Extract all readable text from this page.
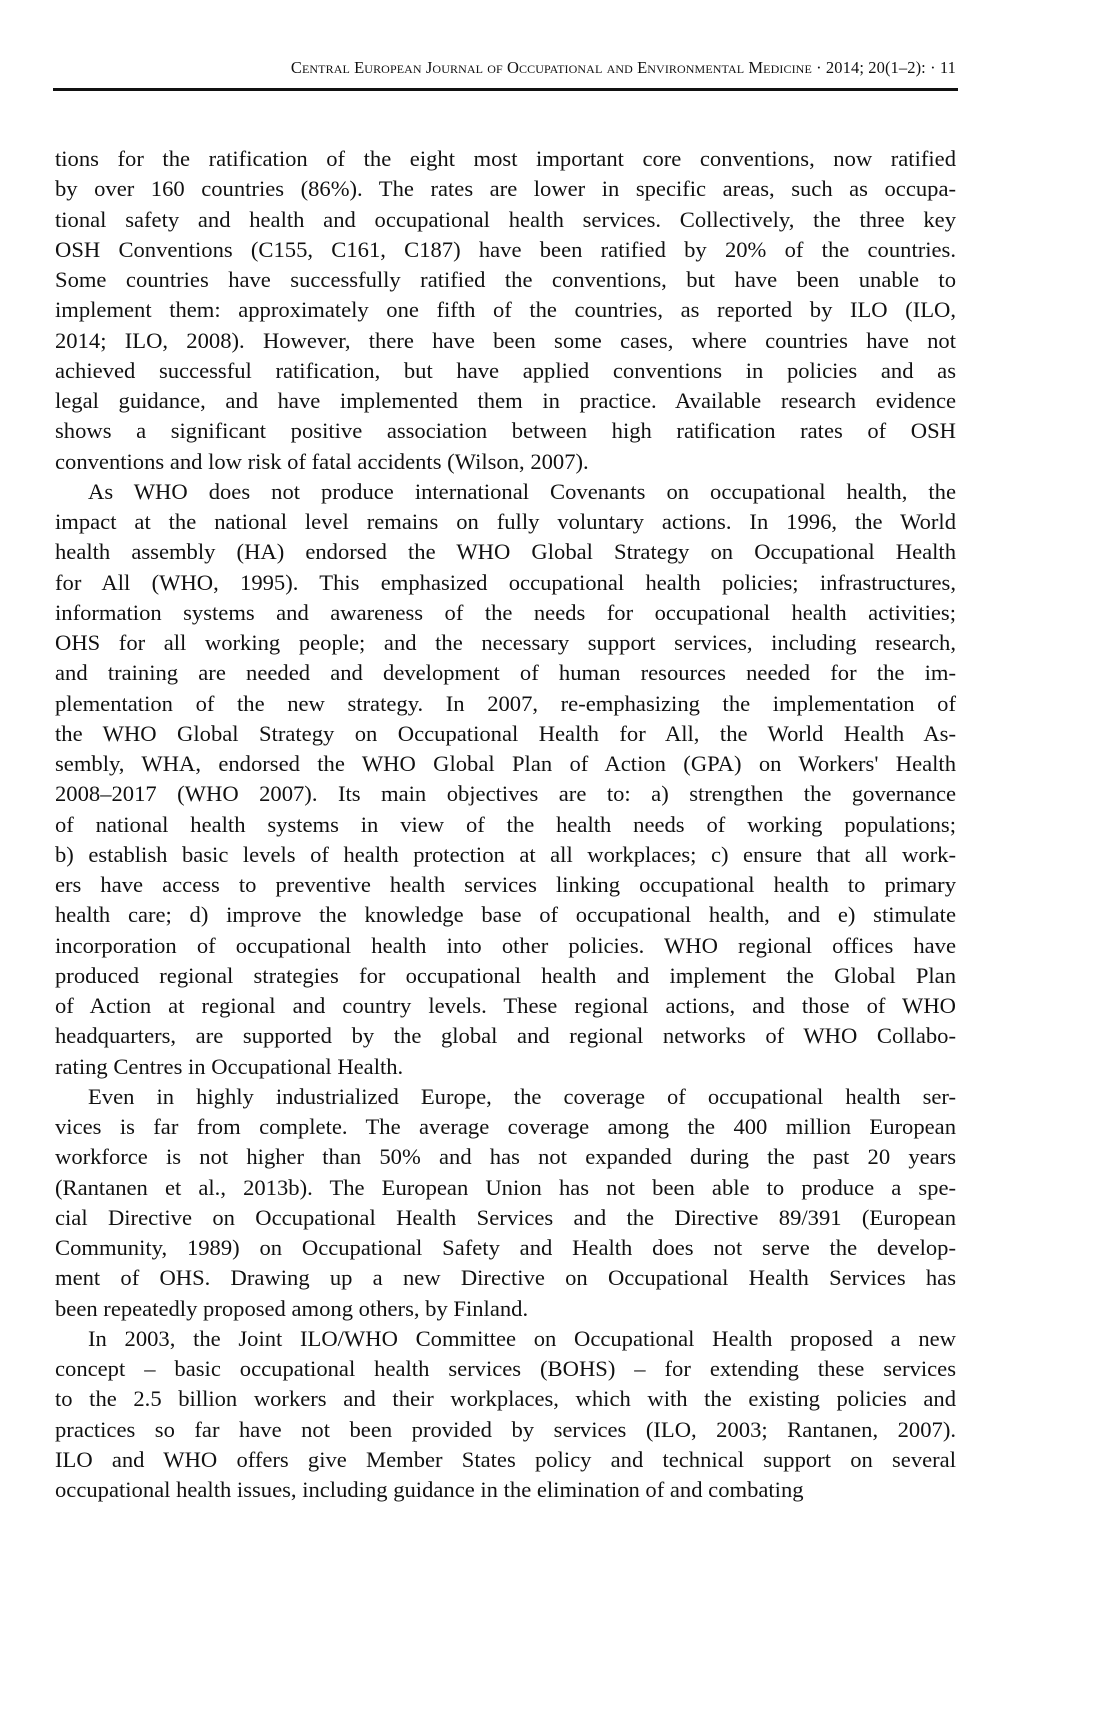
Central European Journal of Occupational and Environmental Medicine · 2014; 20(1–2): · 11
tions for the ratification of the eight most important core conventions, now ratified
by over 160 countries (86%). The rates are lower in specific areas, such as occupa-
tional safety and health and occupational health services. Collectively, the three key
OSH Conventions (C155, C161, C187) have been ratified by 20% of the countries.
Some countries have successfully ratified the conventions, but have been unable to
implement them: approximately one fifth of the countries, as reported by ILO (ILO,
2014; ILO, 2008). However, there have been some cases, where countries have not
achieved successful ratification, but have applied conventions in policies and as
legal guidance, and have implemented them in practice. Available research evidence
shows a significant positive association between high ratification rates of OSH
conventions and low risk of fatal accidents (Wilson, 2007).
As WHO does not produce international Covenants on occupational health, the
impact at the national level remains on fully voluntary actions. In 1996, the World
health assembly (HA) endorsed the WHO Global Strategy on Occupational Health
for All (WHO, 1995). This emphasized occupational health policies; infrastructures,
information systems and awareness of the needs for occupational health activities;
OHS for all working people; and the necessary support services, including research,
and training are needed and development of human resources needed for the im-
plementation of the new strategy. In 2007, re-emphasizing the implementation of
the WHO Global Strategy on Occupational Health for All, the World Health As-
sembly, WHA, endorsed the WHO Global Plan of Action (GPA) on Workers' Health
2008–2017 (WHO 2007). Its main objectives are to: a) strengthen the governance
of national health systems in view of the health needs of working populations;
b) establish basic levels of health protection at all workplaces; c) ensure that all work-
ers have access to preventive health services linking occupational health to primary
health care; d) improve the knowledge base of occupational health, and e) stimulate
incorporation of occupational health into other policies. WHO regional offices have
produced regional strategies for occupational health and implement the Global Plan
of Action at regional and country levels. These regional actions, and those of WHO
headquarters, are supported by the global and regional networks of WHO Collabo-
rating Centres in Occupational Health.
Even in highly industrialized Europe, the coverage of occupational health ser-
vices is far from complete. The average coverage among the 400 million European
workforce is not higher than 50% and has not expanded during the past 20 years
(Rantanen et al., 2013b). The European Union has not been able to produce a spe-
cial Directive on Occupational Health Services and the Directive 89/391 (European
Community, 1989) on Occupational Safety and Health does not serve the develop-
ment of OHS. Drawing up a new Directive on Occupational Health Services has
been repeatedly proposed among others, by Finland.
In 2003, the Joint ILO/WHO Committee on Occupational Health proposed a new
concept – basic occupational health services (BOHS) – for extending these services
to the 2.5 billion workers and their workplaces, which with the existing policies and
practices so far have not been provided by services (ILO, 2003; Rantanen, 2007).
ILO and WHO offers give Member States policy and technical support on several
occupational health issues, including guidance in the elimination of and combating
